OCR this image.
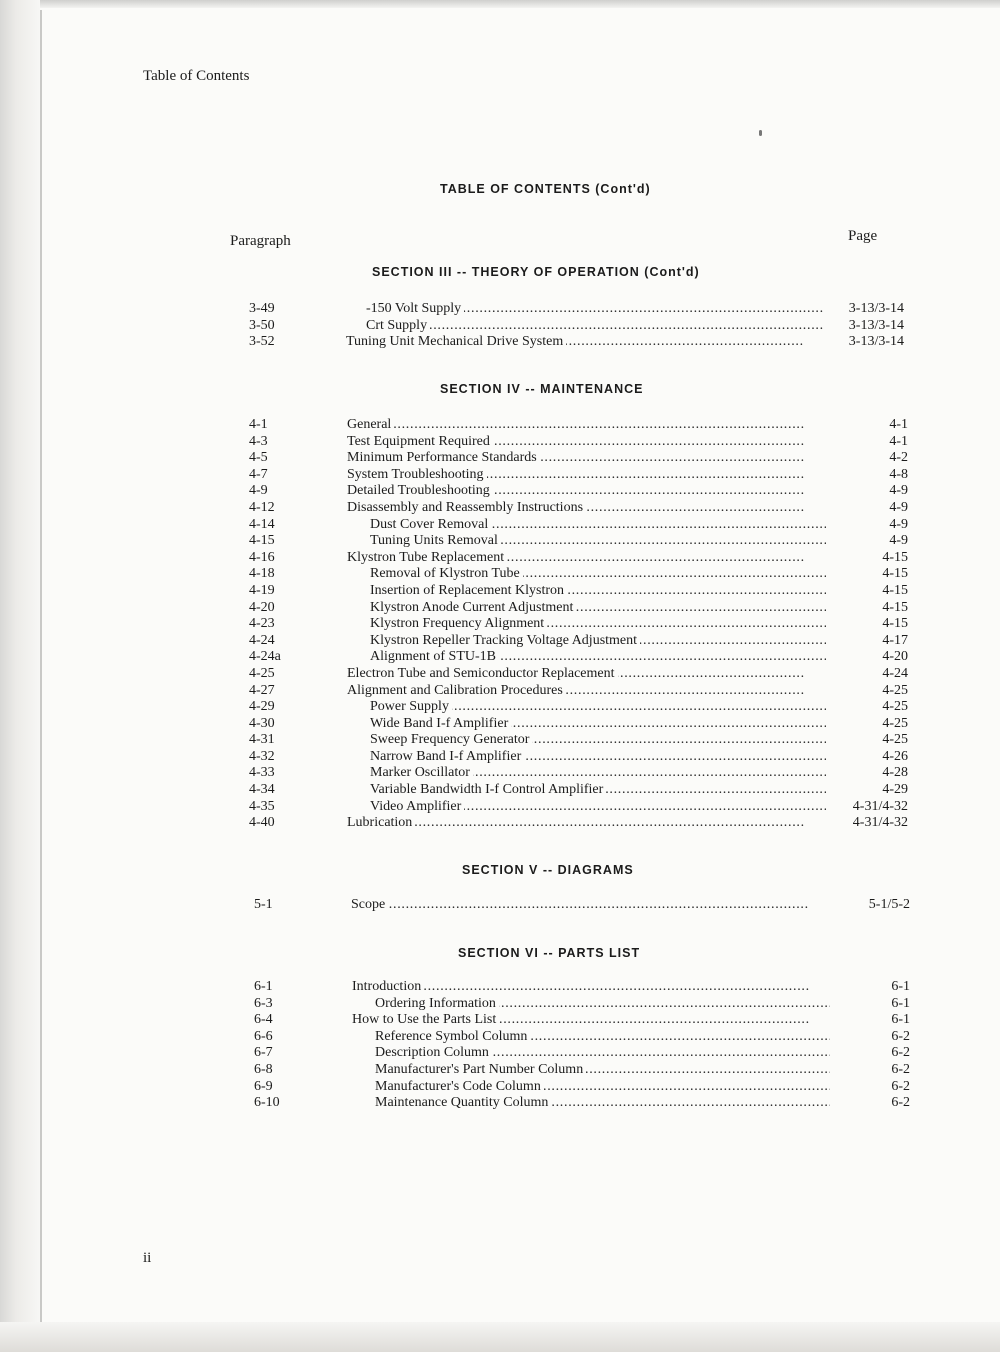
Table of Contents
TABLE OF CONTENTS (Cont'd)
Paragraph	Page
SECTION III -- THEORY OF OPERATION (Cont'd)
3-49	-150 Volt Supply . . .	3-13/3-14
3-50	Crt Supply . . .	3-13/3-14
3-52	Tuning Unit Mechanical Drive System . . .	3-13/3-14
SECTION IV -- MAINTENANCE
4-1	General . . .	4-1
4-3	Test Equipment Required . . .	4-1
4-5	Minimum Performance Standards . . .	4-2
4-7	System Troubleshooting . . .	4-8
4-9	Detailed Troubleshooting . . .	4-9
4-12	Disassembly and Reassembly Instructions . . .	4-9
4-14	Dust Cover Removal . . .	4-9
4-15	Tuning Units Removal . . .	4-9
4-16	Klystron Tube Replacement . . .	4-15
4-18	Removal of Klystron Tube . . .	4-15
4-19	Insertion of Replacement Klystron . . .	4-15
4-20	Klystron Anode Current Adjustment . . .	4-15
4-23	Klystron Frequency Alignment . . .	4-15
4-24	Klystron Repeller Tracking Voltage Adjustment . . .	4-17
4-24a	Alignment of STU-1B . . .	4-20
4-25	Electron Tube and Semiconductor Replacement . . .	4-24
4-27	Alignment and Calibration Procedures . . .	4-25
4-29	Power Supply . . .	4-25
4-30	Wide Band I-f Amplifier . . .	4-25
4-31	Sweep Frequency Generator . . .	4-25
4-32	Narrow Band I-f Amplifier . . .	4-26
4-33	Marker Oscillator . . .	4-28
4-34	Variable Bandwidth I-f Control Amplifier . . .	4-29
4-35	Video Amplifier . . .	4-31/4-32
4-40	Lubrication . . .	4-31/4-32
SECTION V -- DIAGRAMS
5-1	Scope . . .	5-1/5-2
SECTION VI -- PARTS LIST
6-1	Introduction . . .	6-1
6-3	Ordering Information . . .	6-1
6-4	How to Use the Parts List . . .	6-1
6-6	Reference Symbol Column . . .	6-2
6-7	Description Column . . .	6-2
6-8	Manufacturer's Part Number Column . . .	6-2
6-9	Manufacturer's Code Column . . .	6-2
6-10	Maintenance Quantity Column . . .	6-2
ii
